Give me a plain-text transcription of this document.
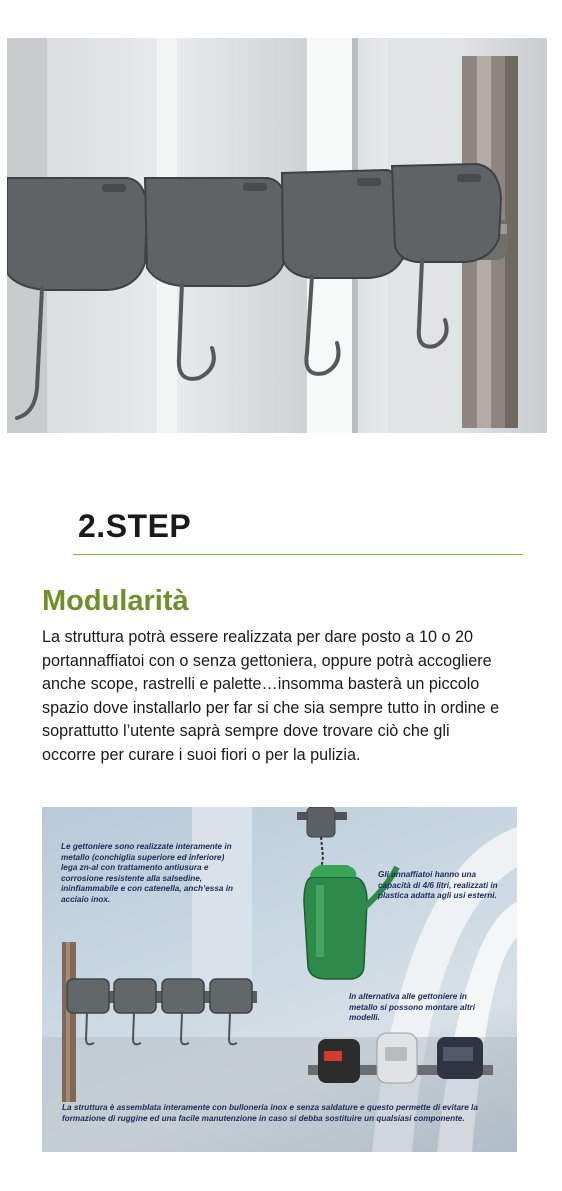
2.STEP
Modularità

La struttura potrà essere realizzata per dare posto a 10 o 20 portannaffiatoi con o senza gettoniera, oppure potrà accogliere anche scope, rastrelli e palette…insomma basterà un piccolo spazio dove installarlo per far si che sia sempre tutto in ordine e soprattutto l’utente saprà sempre dove trovare ciò che gli occorre per curare i suoi fiori o per la pulizia.

Le gettoniere sono realizzate interamente in metallo (conchiglia superiore ed inferiore) lega zn-al con trattamento antiusura e corrosione resistente alla salsedine, ininfiammabile e con catenella, anch’essa in acciaio inox.

Gli annaffiatoi hanno una capacità di 4/6 litri, realizzati in plastica adatta agli usi esterni.

In alternativa alle gettoniere in metallo si possono montare altri modelli.

La struttura è assemblata interamente con bulloneria inox e senza saldature e questo permette di evitare la formazione di ruggine ed una facile manutenzione in caso si debba sostituire un qualsiasi componente.
